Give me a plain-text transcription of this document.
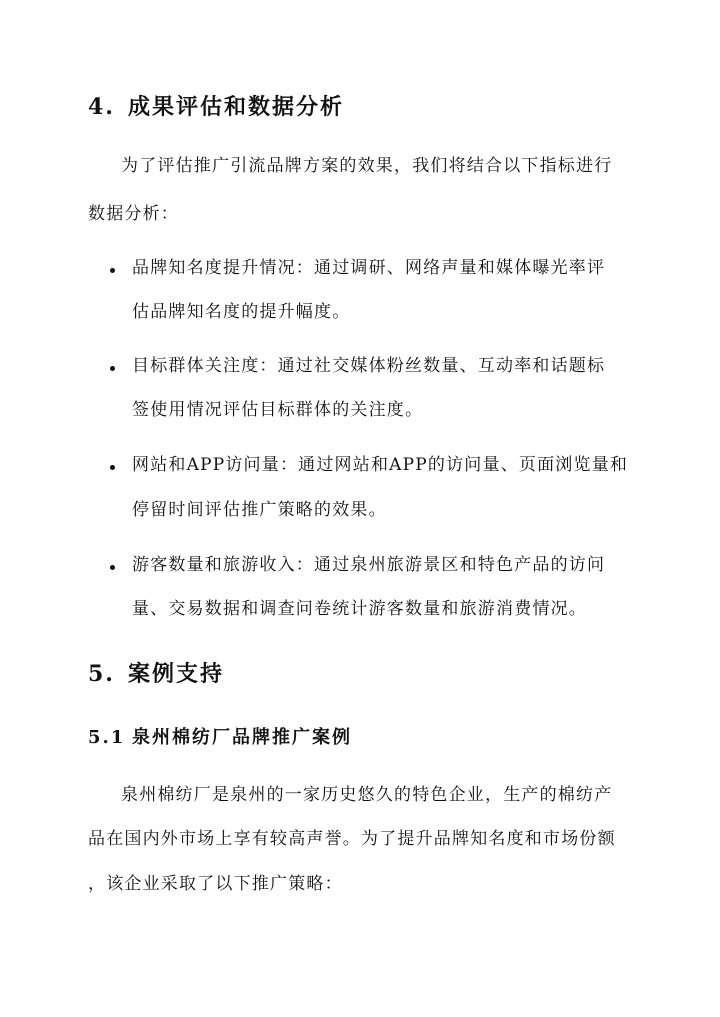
4. 成果评估和数据分析
为了评估推广引流品牌方案的效果，我们将结合以下指标进行
数据分析：
品牌知名度提升情况：通过调研、网络声量和媒体曝光率评
估品牌知名度的提升幅度。
目标群体关注度：通过社交媒体粉丝数量、互动率和话题标
签使用情况评估目标群体的关注度。
网站和APP访问量：通过网站和APP的访问量、页面浏览量和
停留时间评估推广策略的效果。
游客数量和旅游收入：通过泉州旅游景区和特色产品的访问
量、交易数据和调查问卷统计游客数量和旅游消费情况。
5. 案例支持
5.1 泉州棉纺厂品牌推广案例
泉州棉纺厂是泉州的一家历史悠久的特色企业，生产的棉纺产
品在国内外市场上享有较高声誉。为了提升品牌知名度和市场份额
，该企业采取了以下推广策略：
